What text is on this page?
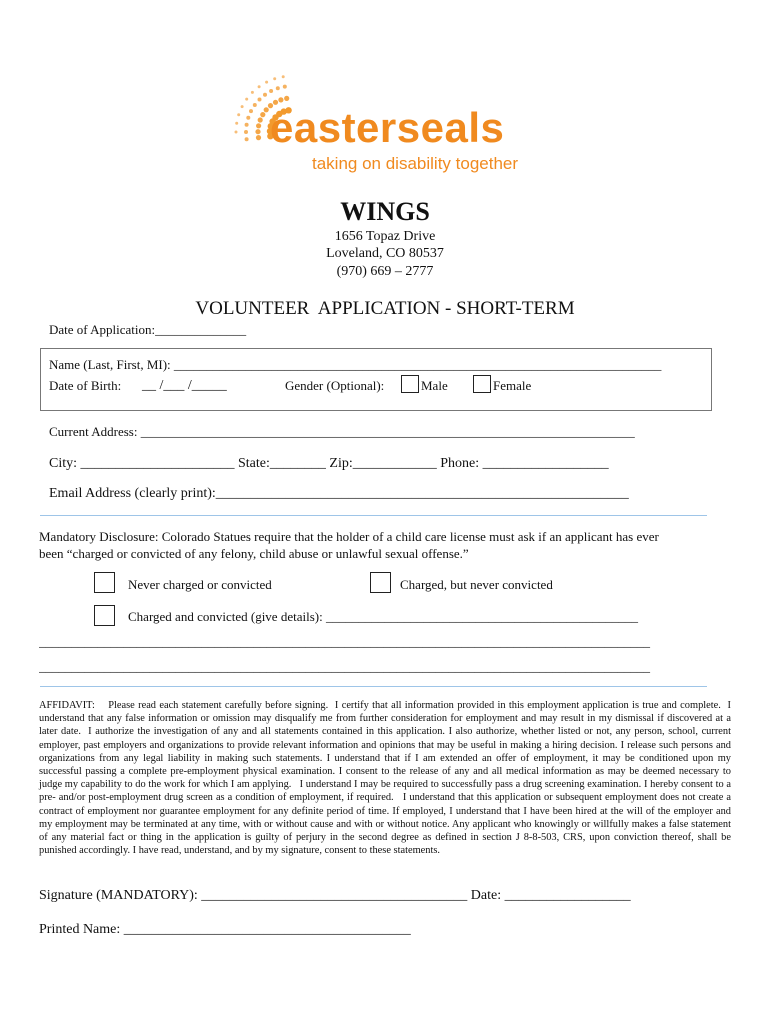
easterseals
taking on disability together
WINGS
1656 Topaz Drive
Loveland, CO 80537
(970) 669 – 2777
VOLUNTEER  APPLICATION - SHORT-TERM
Date of Application:______________
Name (Last, First, MI): ___________________________________________________________________________
Date of Birth: __ /___ /_____	Gender (Optional):	Male	Female
Current Address: ____________________________________________________________________________
City: ______________________ State:________ Zip:____________ Phone: __________________
Email Address (clearly print):___________________________________________________________
Mandatory Disclosure: Colorado Statues require that the holder of a child care license must ask if an applicant has ever
been “charged or convicted of any felony, child abuse or unlawful sexual offense.”
Never charged or convicted	Charged, but never convicted
Charged and convicted (give details): ________________________________________________
______________________________________________________________________________________________
______________________________________________________________________________________________
AFFIDAVIT:    Please read each statement carefully before signing.  I certify that all information provided in this employment application is true and complete.  I understand that any false information or omission may disqualify me from further consideration for employment and may result in my dismissal if discovered at a later date.  I authorize the investigation of any and all statements contained in this application. I also authorize, whether listed or not, any person, school, current employer, past employers and organizations to provide relevant information and opinions that may be useful in making a hiring decision. I release such persons and organizations from any legal liability in making such statements. I understand that if I am extended an offer of employment, it may be conditioned upon my successful passing a complete pre-employment physical examination. I consent to the release of any and all medical information as may be deemed necessary to judge my capability to do the work for which I am applying.   I understand I may be required to successfully pass a drug screening examination. I hereby consent to a pre- and/or post-employment drug screen as a condition of employment, if required.   I understand that this application or subsequent employment does not create a contract of employment nor guarantee employment for any definite period of time. If employed, I understand that I have been hired at the will of the employer and my employment may be terminated at any time, with or without cause and with or without notice. Any applicant who knowingly or willfully makes a false statement of any material fact or thing in the application is guilty of perjury in the second degree as defined in section J 8-8-503, CRS, upon conviction thereof, shall be punished accordingly. I have read, understand, and by my signature, consent to these statements.
Signature (MANDATORY): ______________________________________ Date: __________________
Printed Name: _________________________________________
